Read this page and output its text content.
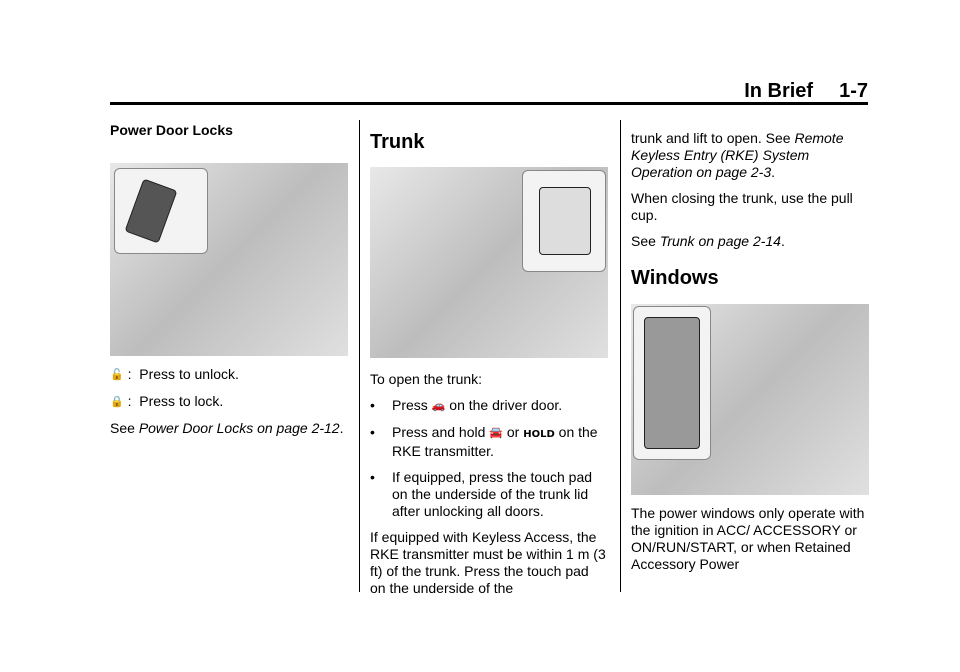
In Brief 1-7
Power Door Locks

🔓 :  Press to unlock.

🔒 :  Press to lock.

See Power Door Locks on page 2-12.

Trunk

To open the trunk:

• Press 🚗 on the driver door.
• Press and hold 🚘 or HOLD on the RKE transmitter.
• If equipped, press the touch pad on the underside of the trunk lid after unlocking all doors.

If equipped with Keyless Access, the RKE transmitter must be within 1 m (3 ft) of the trunk. Press the touch pad on the underside of the

trunk and lift to open. See Remote Keyless Entry (RKE) System Operation on page 2-3.

When closing the trunk, use the pull cup.

See Trunk on page 2-14.

Windows

The power windows only operate with the ignition in ACC/ ACCESSORY or ON/RUN/START, or when Retained Accessory Power
